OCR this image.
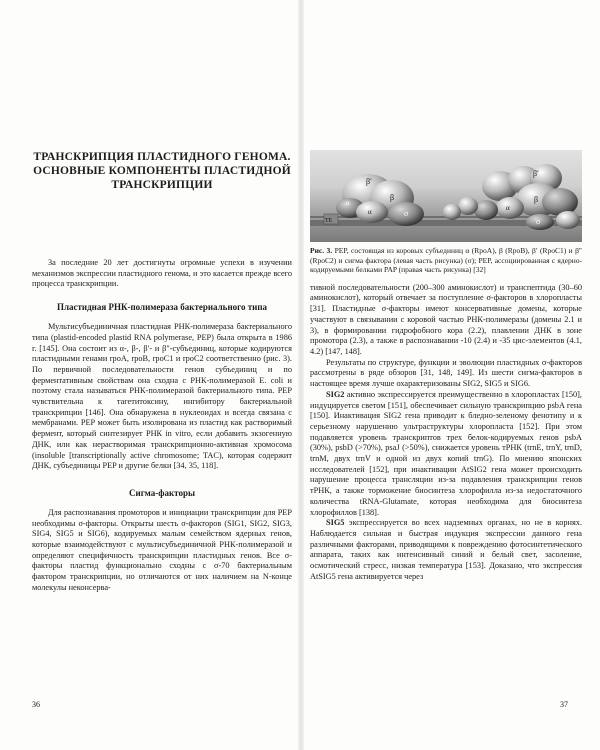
ТРАНСКРИПЦИЯ ПЛАСТИДНОГО ГЕНОМА.
ОСНОВНЫЕ КОМПОНЕНТЫ ПЛАСТИДНОЙ
ТРАНСКРИПЦИИ

За последние 20 лет достигнуты огромные успехи в изучении механизмов экспрессии пластидного генома, и это касается прежде всего процесса транскрипции.

Пластидная РНК-полимераза бактериального типа

Мультисубъединичная пластидная РНК-полимераза бактериального типа (plastid-encoded plastid RNA polymerase, PEP) была открыта в 1986 г. [145]. Она состоит из α-, β-, β′- и β″-субъединиц, которые кодируются пластидными генами rpoA, rpoB, rpoC1 и rpoC2 соответственно (рис. 3). По первичной последовательности генов субъединиц и по ферментативным свойствам она сходна с РНК-полимеразой E. coli и поэтому стала называться РНК-полимеразой бактериального типа. PEP чувствительна к тагетитоксину, ингибитору бактериальной транскрипции [146]. Она обнаружена в нуклеоидах и всегда связана с мембранами. PEP может быть изолирована из пластид как растворимый фермент, который синтезирует РНК in vitro, если добавить экзогенную ДНК, или как нерастворимая транскрипционно-активная хромосома (insoluble [transcriptionally active chromosome; TAC), которая содержит ДНК, субъединицы PEP и другие белки [34, 35, 118].

Сигма-факторы

Для распознавания промоторов и инициации транскрипции для PEP необходимы σ-факторы. Открыты шесть σ-факторов (SIG1, SIG2, SIG3, SIG4, SIG5 и SIG6), кодируемых малым семейством ядерных генов, которые взаимодействуют с мультисубъединичной РНК-полимеразой и определяют специфичность транскрипции пластидных генов. Все σ-факторы пластид функционально сходны с σ-70 бактериальным фактором транскрипции, но отличаются от них наличием на N-конце молекулы неконсерва-

36
β′
β
α
α	σ
TE
β′
β
α
σ
Рис. 3. PEP, состоящая из коровых субъединиц α (RpoA), β (RpoB), β′ (RpoC1) и β″ (RpoC2) и сигма фактора (левая часть рисунка) (σ); PEP, ассоциированная с ядерно-кодируемыми белками PAP (правая часть рисунка) [32]

тивной последовательности (200–300 аминокислот) и транспептида (30–60 аминокислот), который отвечает за поступление σ-факторов в хлоропласты [31]. Пластидные σ-факторы имеют консервативные домены, которые участвуют в связывании с коровой частью РНК-полимеразы (домены 2.1 и 3), в формировании гидрофобного кора (2.2), плавлении ДНК в зоне промотора (2.3), а также в распознавании -10 (2.4) и -35 цис-элементов (4.1, 4.2) [147, 148].

Результаты по структуре, функции и эволюции пластидных σ-факторов рассмотрены в ряде обзоров [31, 148, 149]. Из шести сигма-факторов в настоящее время лучше охарактеризованы SIG2, SIG5 и SIG6.

SIG2 активно экспрессируется преимущественно в хлоропластах [150], индуцируется светом [151], обеспечивает сильную транскрипцию psbA гена [150]. Инактивация SIG2 гена приводит к бледно-зеленому фенотипу и к серьезному нарушению ультраструктуры хлоропласта [152]. При этом подавляется уровень транскриптов трех белок-кодируемых генов psbA (30%), psbD (>70%), psaJ (>50%), снижается уровень тРНК (trnE, trnY, trnD, trnM, двух trnV и одной из двух копий trnG). По мнению японских исследователей [152], при инактивации AtSIG2 гена может происходить нарушение процесса трансляции из-за подавления транскрипции генов тРНК, а также торможение биосинтеза хлорофилла из-за недостаточного количества tRNA-Glutamate, которая необходима для биосинтеза хлорофиллов [138].

SIG5 экспрессируется во всех надземных органах, но не в корнях. Наблюдается сильная и быстрая индукция экспрессии данного гена различными факторами, приводящими к повреждению фотосинтетического аппарата, таких как интенсивный синий и белый свет, засоление, осмотический стресс, низкая температура [153]. Доказано, что экспрессия AtSIG5 гена активируется через

37
